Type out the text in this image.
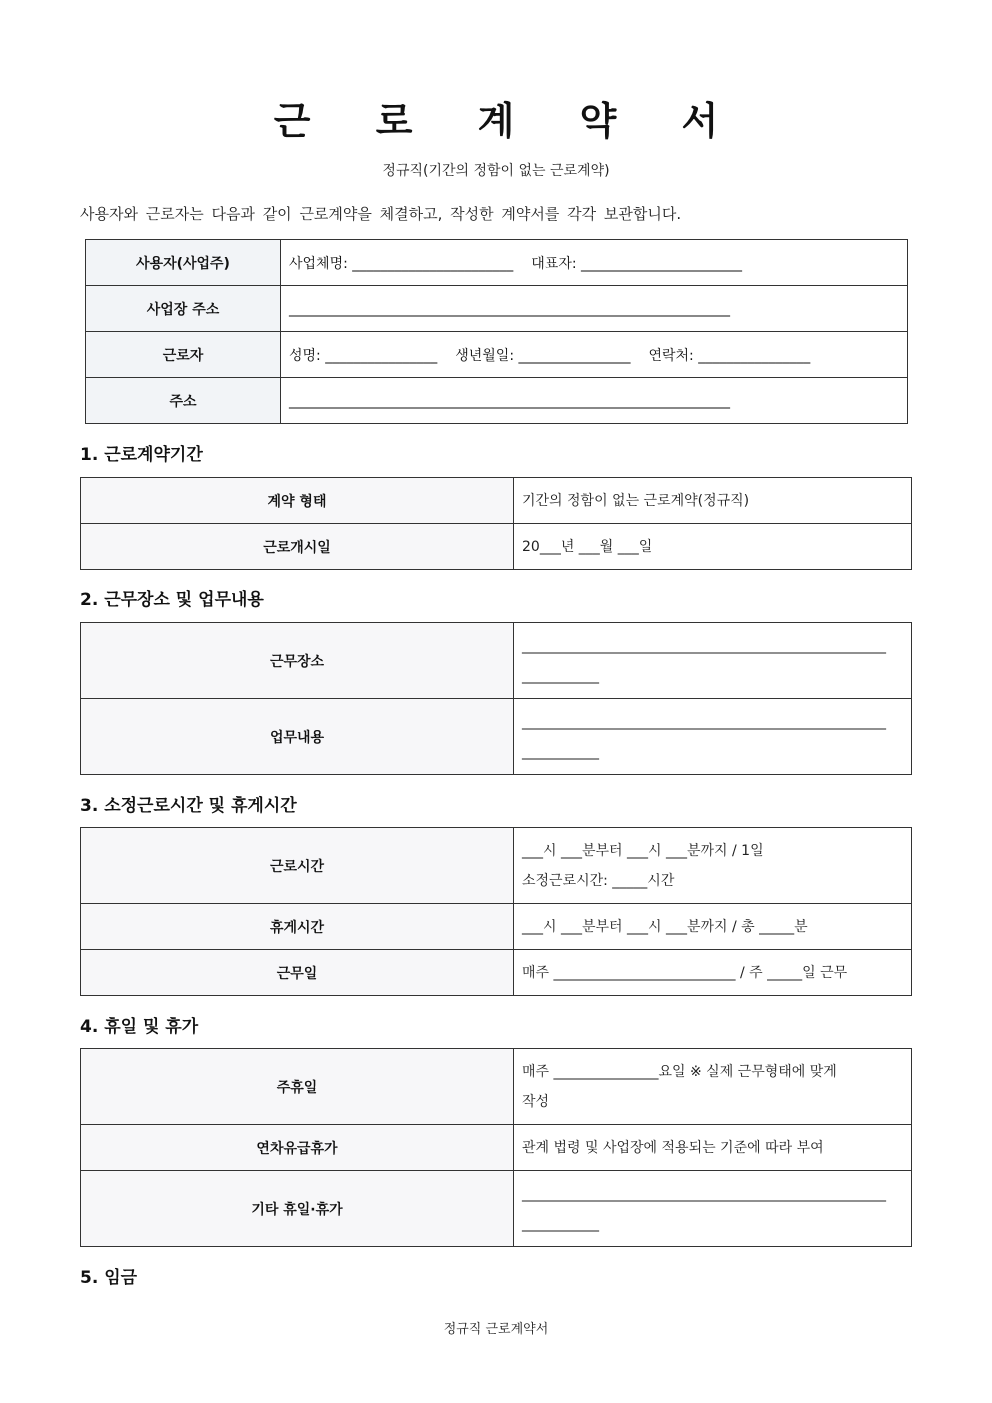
근 로 계 약 서
정규직(기간의 정함이 없는 근로계약)
사용자와 근로자는 다음과 같이 근로계약을 체결하고, 작성한 계약서를 각각 보관합니다.
사용자(사업주)	사업체명: _______________________ 대표자: _______________________
사업장 주소	_______________________________________________________________
근로자	성명: ________________ 생년월일: ________________ 연락처: ________________
주소	_______________________________________________________________
1. 근로계약기간
계약 형태	기간의 정함이 없는 근로계약(정규직)
근로개시일	20___년 ___월 ___일
2. 근무장소 및 업무내용
근무장소	____________________________________________________
___________

업무내용	____________________________________________________
___________
3. 소정근로시간 및 휴게시간
근로시간	___시 ___분부터 ___시 ___분까지 / 1일
소정근로시간: _____시간

휴게시간	___시 ___분부터 ___시 ___분까지 / 총 _____분
근무일	매주 __________________________ / 주 _____일 근무
4. 휴일 및 휴가
주휴일	매주 _______________요일 ※ 실제 근무형태에 맞게
작성

연차유급휴가	관계 법령 및 사업장에 적용되는 기준에 따라 부여
기타 휴일·휴가	____________________________________________________
___________
5. 임금
정규직 근로계약서
